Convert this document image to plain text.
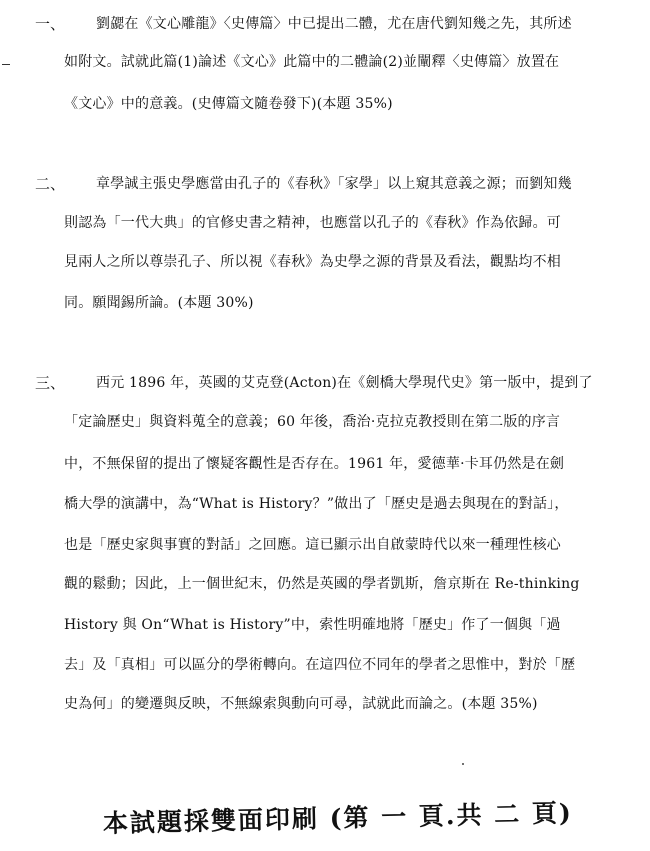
一、 劉勰在《文心雕龍》〈史傳篇〉中已提出二體，尤在唐代劉知幾之先，其所述
如附文。試就此篇(1)論述《文心》此篇中的二體論(2)並闡釋〈史傳篇〉放置在
《文心》中的意義。(史傳篇文隨卷發下)(本題 35%)
二、 章學誠主張史學應當由孔子的《春秋》「家學」以上窺其意義之源；而劉知幾
則認為「一代大典」的官修史書之精神，也應當以孔子的《春秋》作為依歸。可
見兩人之所以尊崇孔子、所以視《春秋》為史學之源的背景及看法，觀點均不相
同。願聞錫所論。(本題 30%)
三、 西元 1896 年，英國的艾克登(Acton)在《劍橋大學現代史》第一版中，提到了
「定論歷史」與資料蒐全的意義；60 年後，喬治·克拉克教授則在第二版的序言
中，不無保留的提出了懷疑客觀性是否存在。1961 年，愛德華·卡耳仍然是在劍
橋大學的演講中，為“What is History？”做出了「歷史是過去與現在的對話」，
也是「歷史家與事實的對話」之回應。這已顯示出自啟蒙時代以來一種理性核心
觀的鬆動；因此，上一個世紀末，仍然是英國的學者凱斯，詹京斯在 Re-thinking
History 與 On“What is History”中，索性明確地將「歷史」作了一個與「過
去」及「真相」可以區分的學術轉向。在這四位不同年的學者之思惟中，對於「歷
史為何」的變遷與反映，不無線索與動向可尋，試就此而論之。(本題 35%)
本試題採雙面印刷 (第 一 頁.共 二 頁)
